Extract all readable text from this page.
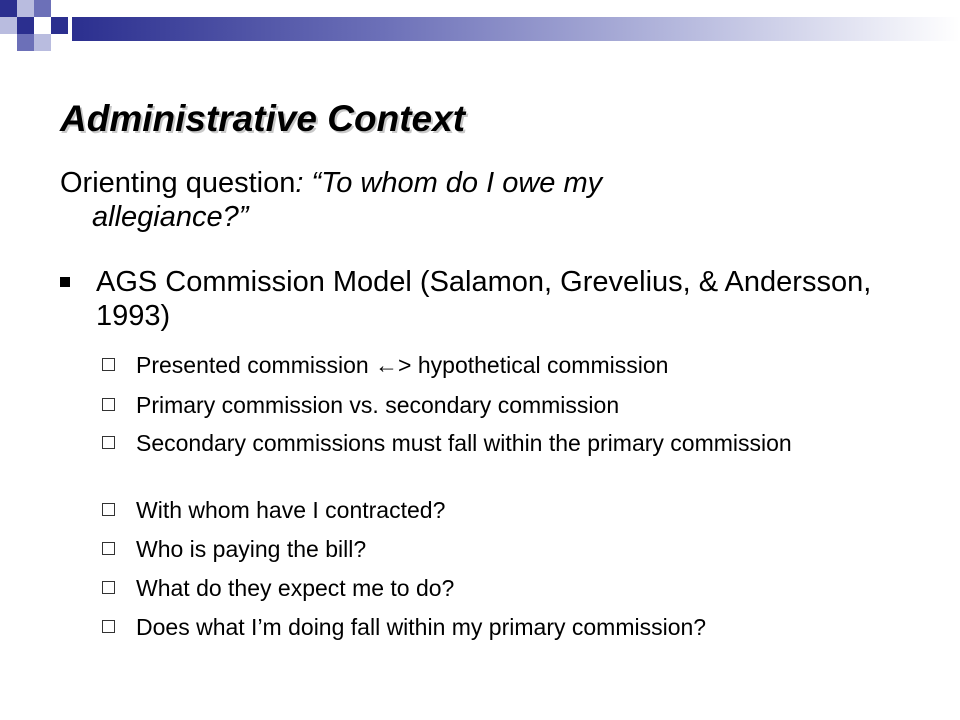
Administrative Context
Orienting question: “To whom do I owe my
allegiance?”
AGS Commission Model (Salamon, Grevelius, & Andersson, 1993)
Presented commission ←> hypothetical commission
Primary commission vs. secondary commission
Secondary commissions must fall within the primary commission
With whom have I contracted?
Who is paying the bill?
What do they expect me to do?
Does what I’m doing fall within my primary commission?
